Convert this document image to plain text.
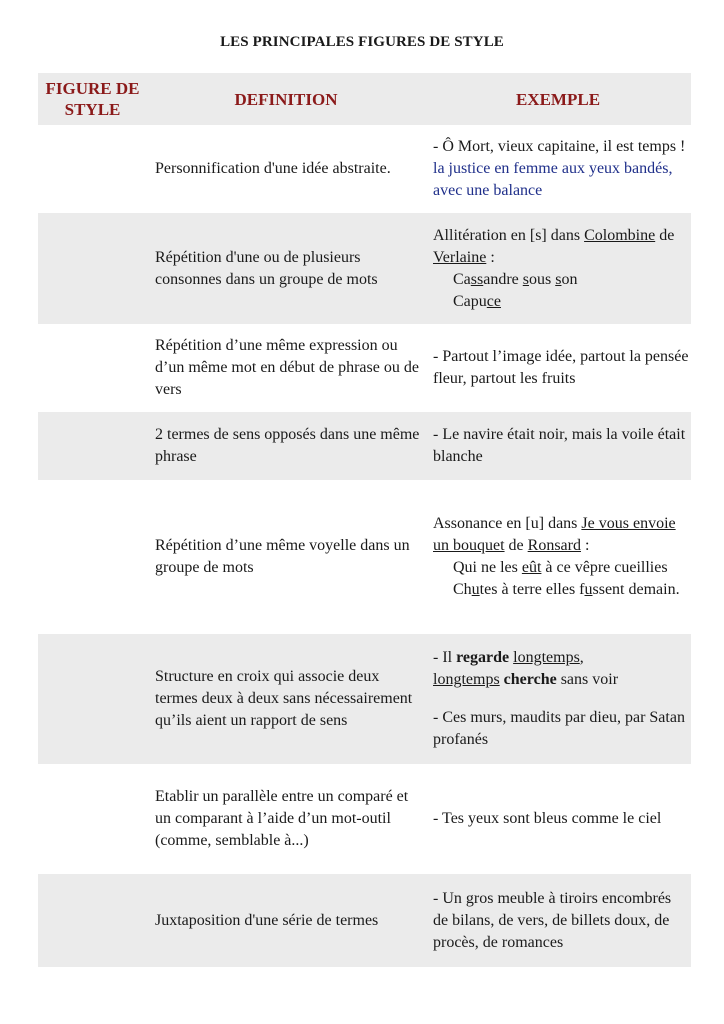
LES PRINCIPALES FIGURES DE STYLE
FIGURE DE
STYLE	DEFINITION	EXEMPLE
	Personnification d'une idée abstraite.	- Ô Mort, vieux capitaine, il est temps ! la justice en femme aux yeux bandés, avec une balance
	Répétition d'une ou de plusieurs consonnes dans un groupe de mots	Allitération en [s] dans Colombine de Verlaine :
Cassandre sous son
Capuce

	Répétition d’une même expression ou d’un même mot en début de phrase ou de vers	- Partout l’image idée, partout la pensée fleur, partout les fruits
	2 termes de sens opposés dans une même phrase	- Le navire était noir, mais la voile était blanche
	Répétition d’une même voyelle dans un groupe de mots	Assonance en [u] dans Je vous envoie un bouquet de Ronsard :
Qui ne les eût à ce vêpre cueillies
Chutes à terre elles fussent demain.

	Structure en croix qui associe deux termes deux à deux sans nécessairement qu’ils aient un rapport de sens	- Il regarde longtemps,
longtemps cherche sans voir
- Ces murs, maudits par dieu, par Satan profanés

	Etablir un parallèle entre un comparé et un comparant à l’aide d’un mot-outil (comme, semblable à...)	- Tes yeux sont bleus comme le ciel
	Juxtaposition d'une série de termes	- Un gros meuble à tiroirs encombrés de bilans, de vers, de billets doux, de procès, de romances
